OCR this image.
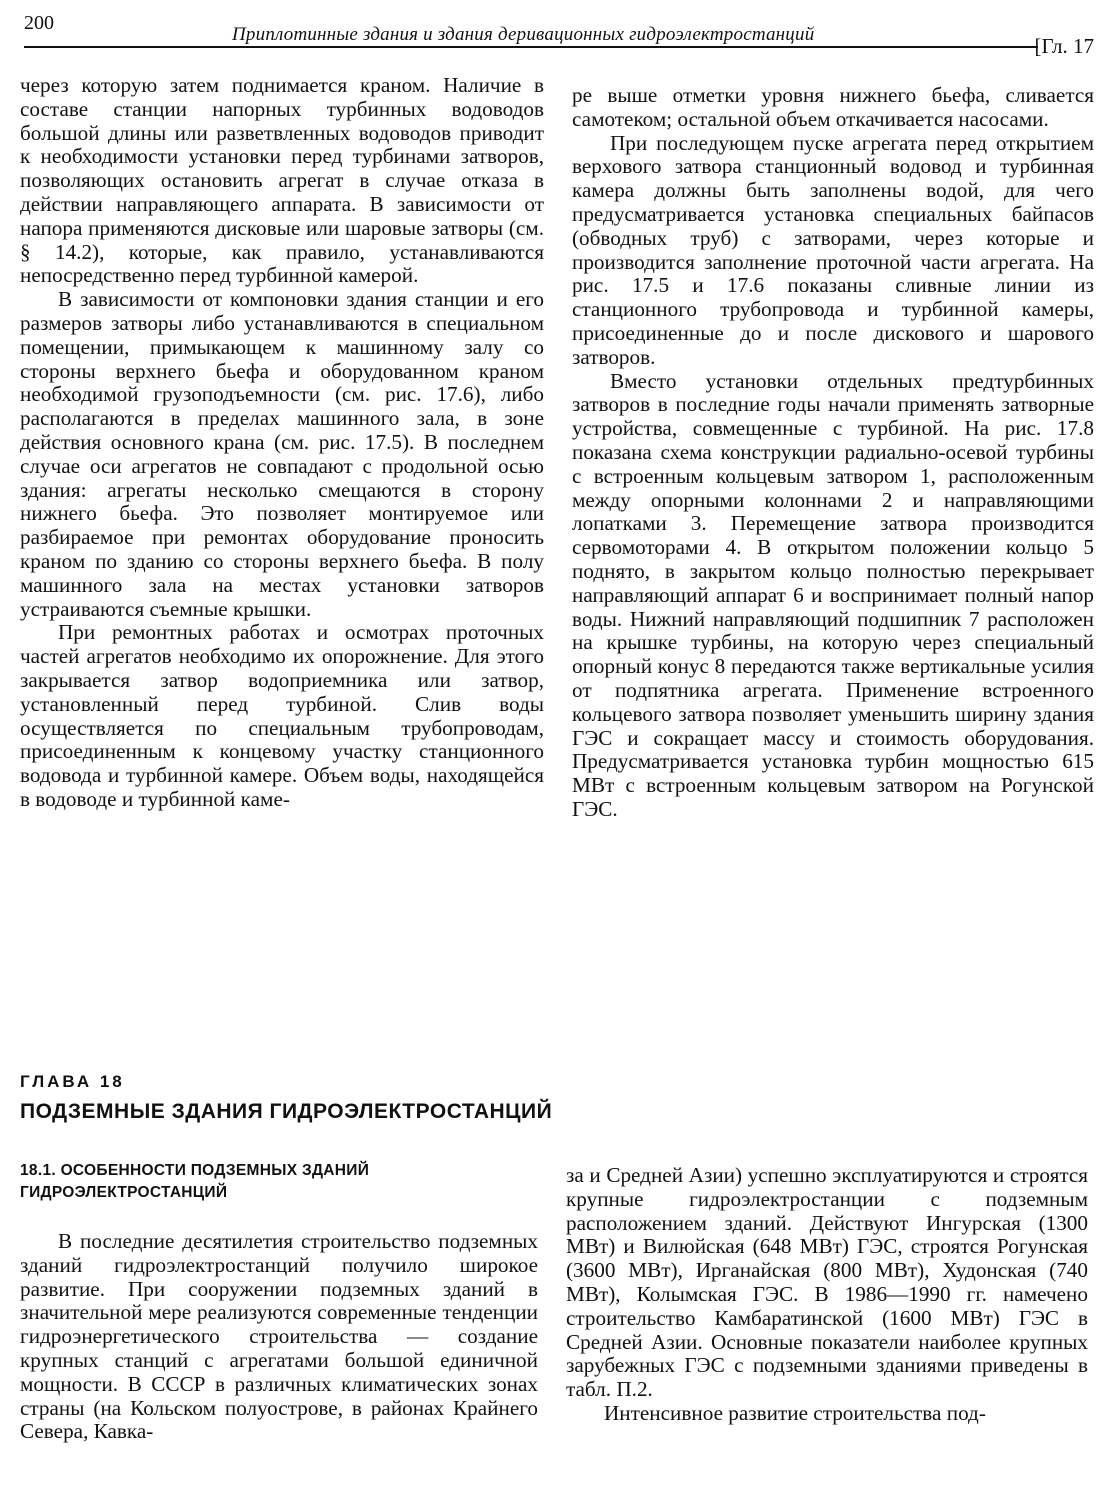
200
Приплотинные здания и здания деривационных гидроэлектростанций	[Гл. 17

через которую затем поднимается краном. Наличие в составе станции напорных турбинных водоводов большой длины или разветвленных водоводов приводит к необходимости установки перед турбинами затворов, позволяющих остановить агрегат в случае отказа в действии направляющего аппарата. В зависимости от напора применяются дисковые или шаровые затворы (см. § 14.2), которые, как правило, устанавливаются непосредственно перед турбинной камерой.

В зависимости от компоновки здания станции и его размеров затворы либо устанавливаются в специальном помещении, примыкающем к машинному залу со стороны верхнего бьефа и оборудованном краном необходимой грузоподъемности (см. рис. 17.6), либо располагаются в пределах машинного зала, в зоне действия основного крана (см. рис. 17.5). В последнем случае оси агрегатов не совпадают с продольной осью здания: агрегаты несколько смещаются в сторону нижнего бьефа. Это позволяет монтируемое или разбираемое при ремонтах оборудование проносить краном по зданию со стороны верхнего бьефа. В полу машинного зала на местах установки затворов устраиваются съемные крышки.

При ремонтных работах и осмотрах проточных частей агрегатов необходимо их опорожнение. Для этого закрывается затвор водоприемника или затвор, установленный перед турбиной. Слив воды осуществляется по специальным трубопроводам, присоединенным к концевому участку станционного водовода и турбинной камере. Объем воды, находящейся в водоводе и турбинной каме-

ре выше отметки уровня нижнего бьефа, сливается самотеком; остальной объем откачивается насосами.

При последующем пуске агрегата перед открытием верхового затвора станционный водовод и турбинная камера должны быть заполнены водой, для чего предусматривается установка специальных байпасов (обводных труб) с затворами, через которые и производится заполнение проточной части агрегата. На рис. 17.5 и 17.6 показаны сливные линии из станционного трубопровода и турбинной камеры, присоединенные до и после дискового и шарового затворов.

Вместо установки отдельных предтурбинных затворов в последние годы начали применять затворные устройства, совмещенные с турбиной. На рис. 17.8 показана схема конструкции радиально-осевой турбины с встроенным кольцевым затвором 1, расположенным между опорными колоннами 2 и направляющими лопатками 3. Перемещение затвора производится сервомоторами 4. В открытом положении кольцо 5 поднято, в закрытом кольцо полностью перекрывает направляющий аппарат 6 и воспринимает полный напор воды. Нижний направляющий подшипник 7 расположен на крышке турбины, на которую через специальный опорный конус 8 передаются также вертикальные усилия от подпятника агрегата. Применение встроенного кольцевого затвора позволяет уменьшить ширину здания ГЭС и сокращает массу и стоимость оборудования. Предусматривается установка турбин мощностью 615 МВт с встроенным кольцевым затвором на Рогунской ГЭС.

ГЛАВА 18
ПОДЗЕМНЫЕ ЗДАНИЯ ГИДРОЭЛЕКТРОСТАНЦИЙ
18.1. ОСОБЕННОСТИ ПОДЗЕМНЫХ ЗДАНИЙ ГИДРОЭЛЕКТРОСТАНЦИЙ

В последние десятилетия строительство подземных зданий гидроэлектростанций получило широкое развитие. При сооружении подземных зданий в значительной мере реализуются современные тенденции гидроэнергетического строительства — создание крупных станций с агрегатами большой единичной мощности. В СССР в различных климатических зонах страны (на Кольском полуострове, в районах Крайнего Севера, Кавка-

за и Средней Азии) успешно эксплуатируются и строятся крупные гидроэлектростанции с подземным расположением зданий. Действуют Ингурская (1300 МВт) и Вилюйская (648 МВт) ГЭС, строятся Рогунская (3600 МВт), Ирганайская (800 МВт), Худонская (740 МВт), Колымская ГЭС. В 1986—1990 гг. намечено строительство Камбаратинской (1600 МВт) ГЭС в Средней Азии. Основные показатели наиболее крупных зарубежных ГЭС с подземными зданиями приведены в табл. П.2.

Интенсивное развитие строительства под-
